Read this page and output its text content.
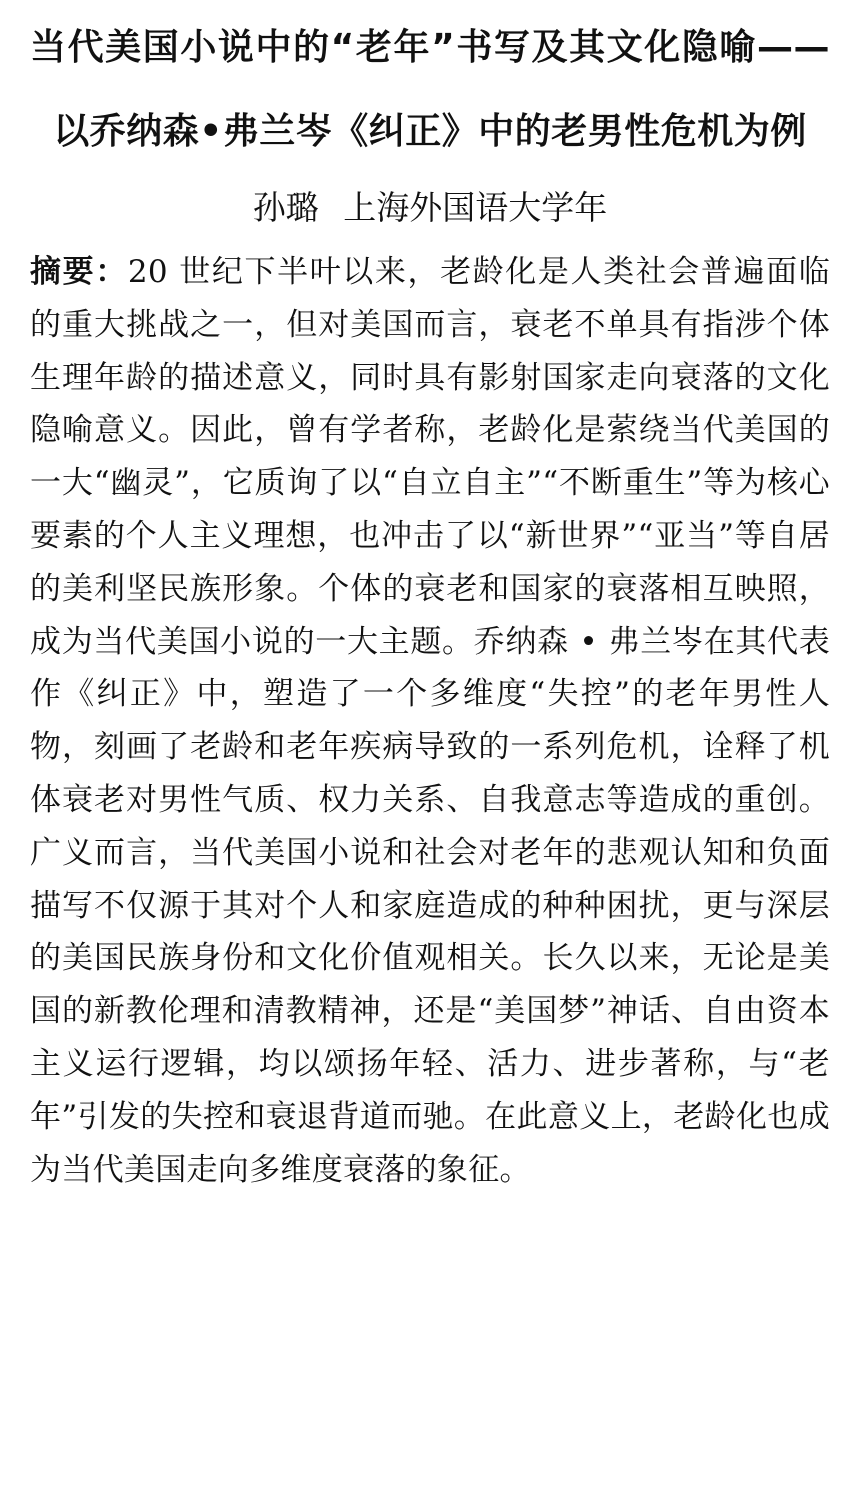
当代美国小说中的“老年”书写及其文化隐喻——以乔纳森•弗兰岑《纠正》中的老男性危机为例
孙璐 上海外国语大学年

摘要：20 世纪下半叶以来，老龄化是人类社会普遍面临的重大挑战之一，但对美国而言，衰老不单具有指涉个体生理年龄的描述意义，同时具有影射国家走向衰落的文化隐喻意义。因此，曾有学者称，老龄化是萦绕当代美国的一大“幽灵”，它质询了以“自立自主”“不断重生”等为核心要素的个人主义理想，也冲击了以“新世界”“亚当”等自居的美利坚民族形象。个体的衰老和国家的衰落相互映照，成为当代美国小说的一大主题。乔纳森 • 弗兰岑在其代表作《纠正》中，塑造了一个多维度“失控”的老年男性人物，刻画了老龄和老年疾病导致的一系列危机，诠释了机体衰老对男性气质、权力关系、自我意志等造成的重创。广义而言，当代美国小说和社会对老年的悲观认知和负面描写不仅源于其对个人和家庭造成的种种困扰，更与深层的美国民族身份和文化价值观相关。长久以来，无论是美国的新教伦理和清教精神，还是“美国梦”神话、自由资本主义运行逻辑，均以颂扬年轻、活力、进步著称，与“老年”引发的失控和衰退背道而驰。在此意义上，老龄化也成为当代美国走向多维度衰落的象征。
